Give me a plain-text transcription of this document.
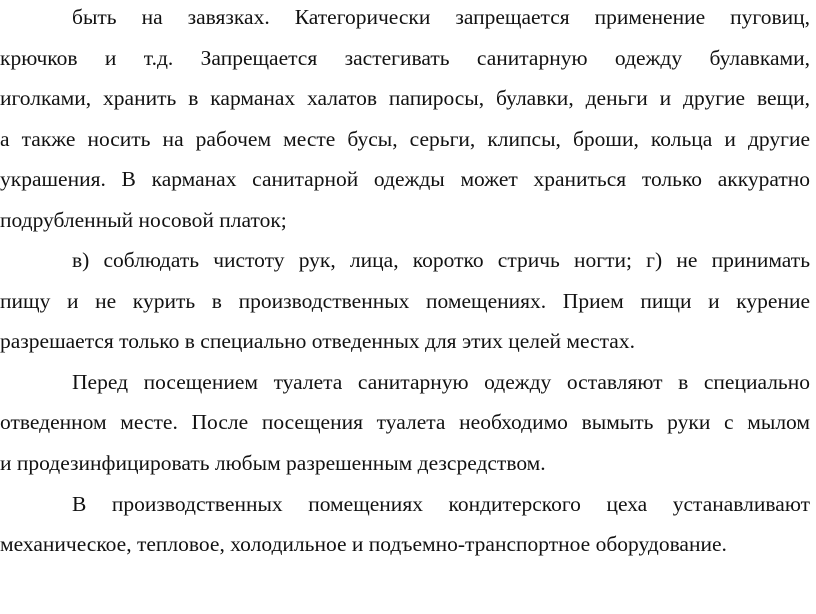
быть на завязках. Категорически запрещается применение пуговиц,
крючков и т.д. Запрещается застегивать санитарную одежду булавками,
иголками, хранить в карманах халатов папиросы, булавки, деньги и другие вещи,
а также носить на рабочем месте бусы, серьги, клипсы, броши, кольца и другие
украшения. В карманах санитарной одежды может храниться только аккуратно
подрубленный носовой платок;
в) соблюдать чистоту рук, лица, коротко стричь ногти; г) не принимать
пищу и не курить в производственных помещениях. Прием пищи и курение
разрешается только в специально отведенных для этих целей местах.
Перед посещением туалета санитарную одежду оставляют в специально
отведенном месте. После посещения туалета необходимо вымыть руки с мылом
и продезинфицировать любым разрешенным дезсредством.
В производственных помещениях кондитерского цеха устанавливают
механическое, тепловое, холодильное и подъемно-транспортное оборудование.
